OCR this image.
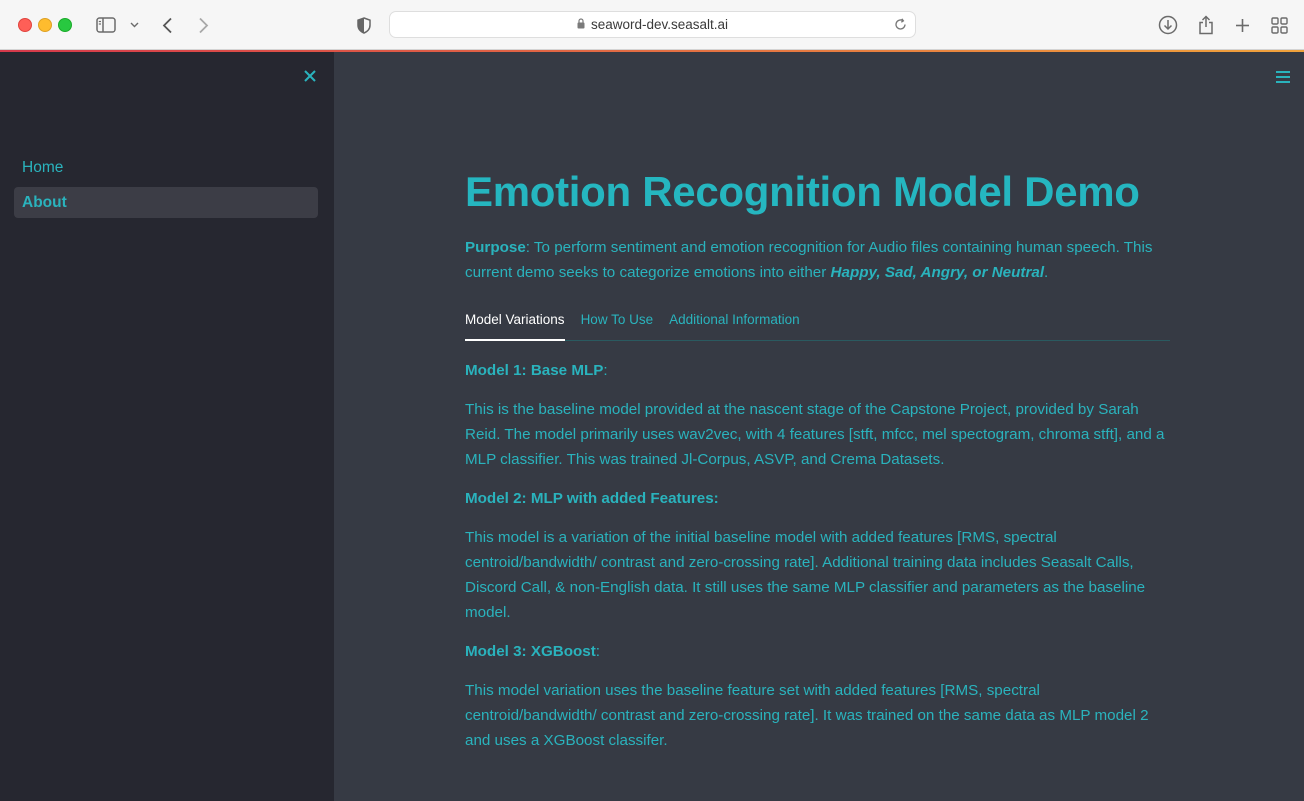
seaword-dev.seasalt.ai
Home
About	Emotion Recognition Model Demo
Purpose: To perform sentiment and emotion recognition for Audio files containing human speech. This current demo seeks to categorize emotions into either Happy, Sad, Angry, or Neutral.
Model Variations How To Use Additional Information
Model 1: Base MLP:
This is the baseline model provided at the nascent stage of the Capstone Project, provided by Sarah Reid. The model primarily uses wav2vec, with 4 features [stft, mfcc, mel spectogram, chroma stft], and a MLP classifier. This was trained Jl-Corpus, ASVP, and Crema Datasets.
Model 2: MLP with added Features:
This model is a variation of the initial baseline model with added features [RMS, spectral centroid/bandwidth/ contrast and zero-crossing rate]. Additional training data includes Seasalt Calls, Discord Call, & non-English data. It still uses the same MLP classifier and parameters as the baseline model.
Model 3: XGBoost:
This model variation uses the baseline feature set with added features [RMS, spectral centroid/bandwidth/ contrast and zero-crossing rate]. It was trained on the same data as MLP model 2 and uses a XGBoost classifer.
